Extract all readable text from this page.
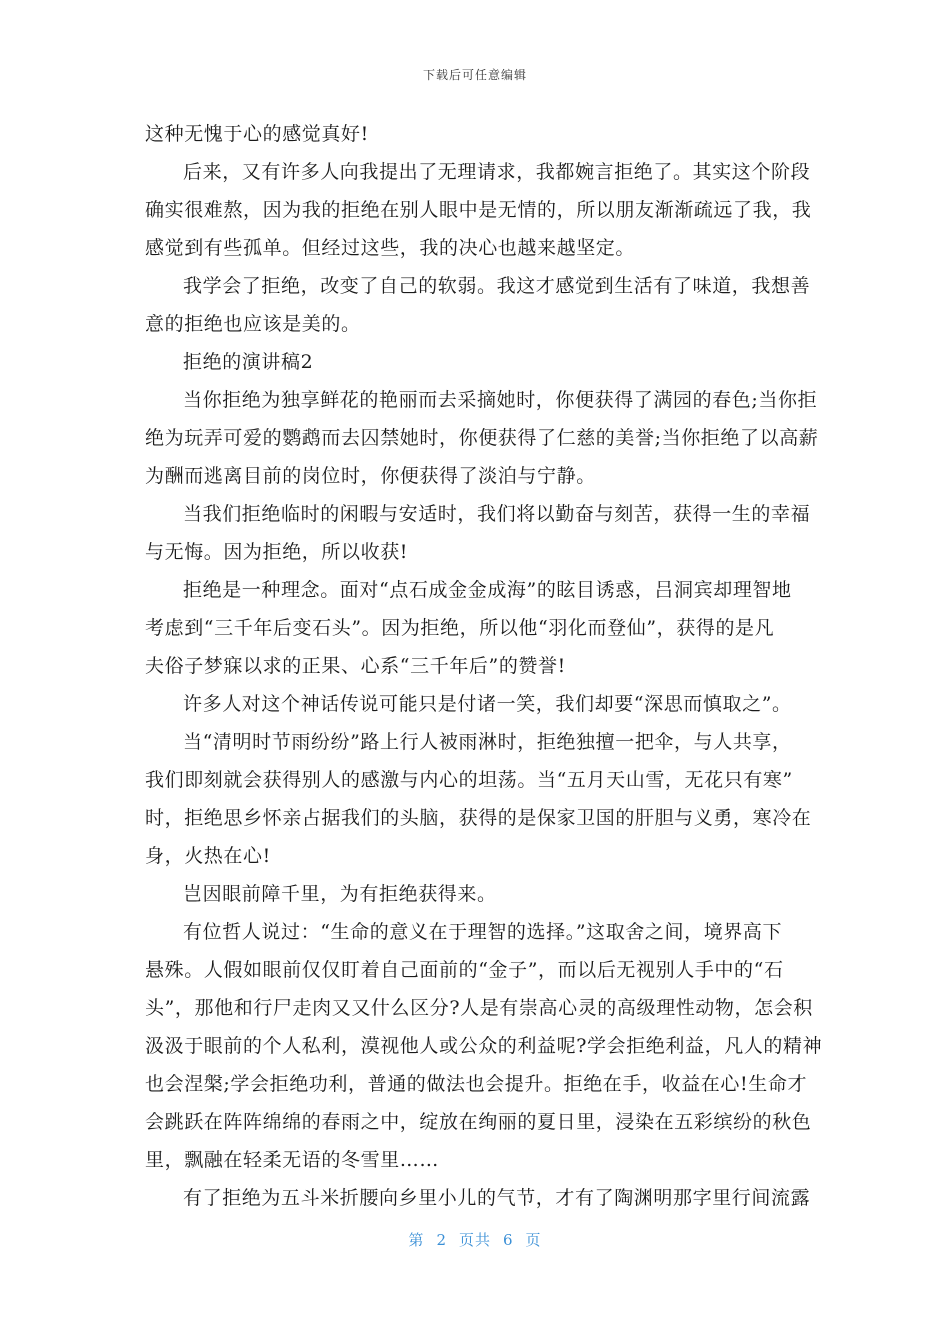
下载后可任意编辑
这种无愧于心的感觉真好!
后来，又有许多人向我提出了无理请求，我都婉言拒绝了。其实这个阶段
确实很难熬，因为我的拒绝在别人眼中是无情的，所以朋友渐渐疏远了我，我
感觉到有些孤单。但经过这些，我的决心也越来越坚定。
我学会了拒绝，改变了自己的软弱。我这才感觉到生活有了味道，我想善
意的拒绝也应该是美的。
拒绝的演讲稿2
当你拒绝为独享鲜花的艳丽而去采摘她时，你便获得了满园的春色;当你拒
绝为玩弄可爱的鹦鹉而去囚禁她时，你便获得了仁慈的美誉;当你拒绝了以高薪
为酬而逃离目前的岗位时，你便获得了淡泊与宁静。
当我们拒绝临时的闲暇与安适时，我们将以勤奋与刻苦，获得一生的幸福
与无悔。因为拒绝，所以收获!
拒绝是一种理念。面对“点石成金金成海”的眩目诱惑，吕洞宾却理智地
考虑到“三千年后变石头”。因为拒绝，所以他“羽化而登仙”，获得的是凡
夫俗子梦寐以求的正果、心系“三千年后”的赞誉!
许多人对这个神话传说可能只是付诸一笑，我们却要“深思而慎取之”。
当“清明时节雨纷纷”路上行人被雨淋时，拒绝独擅一把伞，与人共享，
我们即刻就会获得别人的感激与内心的坦荡。当“五月天山雪，无花只有寒”
时，拒绝思乡怀亲占据我们的头脑，获得的是保家卫国的肝胆与义勇，寒冷在
身，火热在心!
岂因眼前障千里，为有拒绝获得来。
有位哲人说过：“生命的意义在于理智的选择。”这取舍之间，境界高下
悬殊。人假如眼前仅仅盯着自己面前的“金子”，而以后无视别人手中的“石
头”，那他和行尸走肉又又什么区分?人是有崇高心灵的高级理性动物，怎会积
汲汲于眼前的个人私利，漠视他人或公众的利益呢?学会拒绝利益，凡人的精神
也会涅槃;学会拒绝功利，普通的做法也会提升。拒绝在手，收益在心!生命才
会跳跃在阵阵绵绵的春雨之中，绽放在绚丽的夏日里，浸染在五彩缤纷的秋色
里，飘融在轻柔无语的冬雪里……
有了拒绝为五斗米折腰向乡里小儿的气节，才有了陶渊明那字里行间流露
第 2 页共 6 页
